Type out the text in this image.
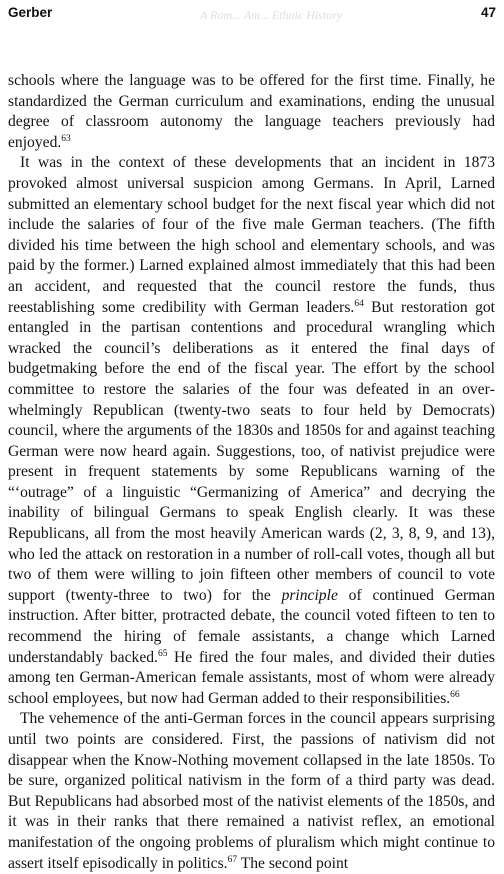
Gerber	47
A Rom... Am... Ethnic History

schools where the language was to be offered for the first time. Finally, he standardized the German curriculum and examinations, ending the unusual degree of classroom autonomy the language teachers previously had enjoyed.$^{63}$

It was in the context of these developments that an incident in 1873 provoked almost universal suspicion among Germans. In April, Larned submitted an elementary school budget for the next fiscal year which did not include the salaries of four of the five male German teachers. (The fifth divided his time between the high school and elementary schools, and was paid by the former.) Larned explained almost immediately that this had been an accident, and requested that the council restore the funds, thus reestablishing some credibility with German leaders.$^{64}$ But restoration got entangled in the partisan contentions and procedural wrangling which wracked the council’s deliberations as it entered the final days of budgetmaking before the end of the fiscal year. The effort by the school committee to restore the salaries of the four was defeated in an overwhelmingly Republican (twenty-two seats to four held by Democrats) council, where the arguments of the 1830s and 1850s for and against teaching German were now heard again. Suggestions, too, of nativist prejudice were present in frequent statements by some Republicans warning of the “‘outrage” of a linguistic “Germanizing of America” and decrying the inability of bilingual Germans to speak English clearly. It was these Republicans, all from the most heavily American wards (2, 3, 8, 9, and 13), who led the attack on restoration in a number of roll-call votes, though all but two of them were willing to join fifteen other members of council to vote support (twenty-three to two) for the principle of continued German instruction. After bitter, protracted debate, the council voted fifteen to ten to recommend the hiring of female assistants, a change which Larned understandably backed.$^{65}$ He fired the four males, and divided their duties among ten German-American female assistants, most of whom were already school employees, but now had German added to their responsibilities.$^{66}$

The vehemence of the anti-German forces in the council appears surprising until two points are considered. First, the passions of nativism did not disappear when the Know-Nothing movement collapsed in the late 1850s. To be sure, organized political nativism in the form of a third party was dead. But Republicans had absorbed most of the nativist elements of the 1850s, and it was in their ranks that there remained a nativist reflex, an emotional manifestation of the ongoing problems of pluralism which might continue to assert itself episodically in politics.$^{67}$ The second point
